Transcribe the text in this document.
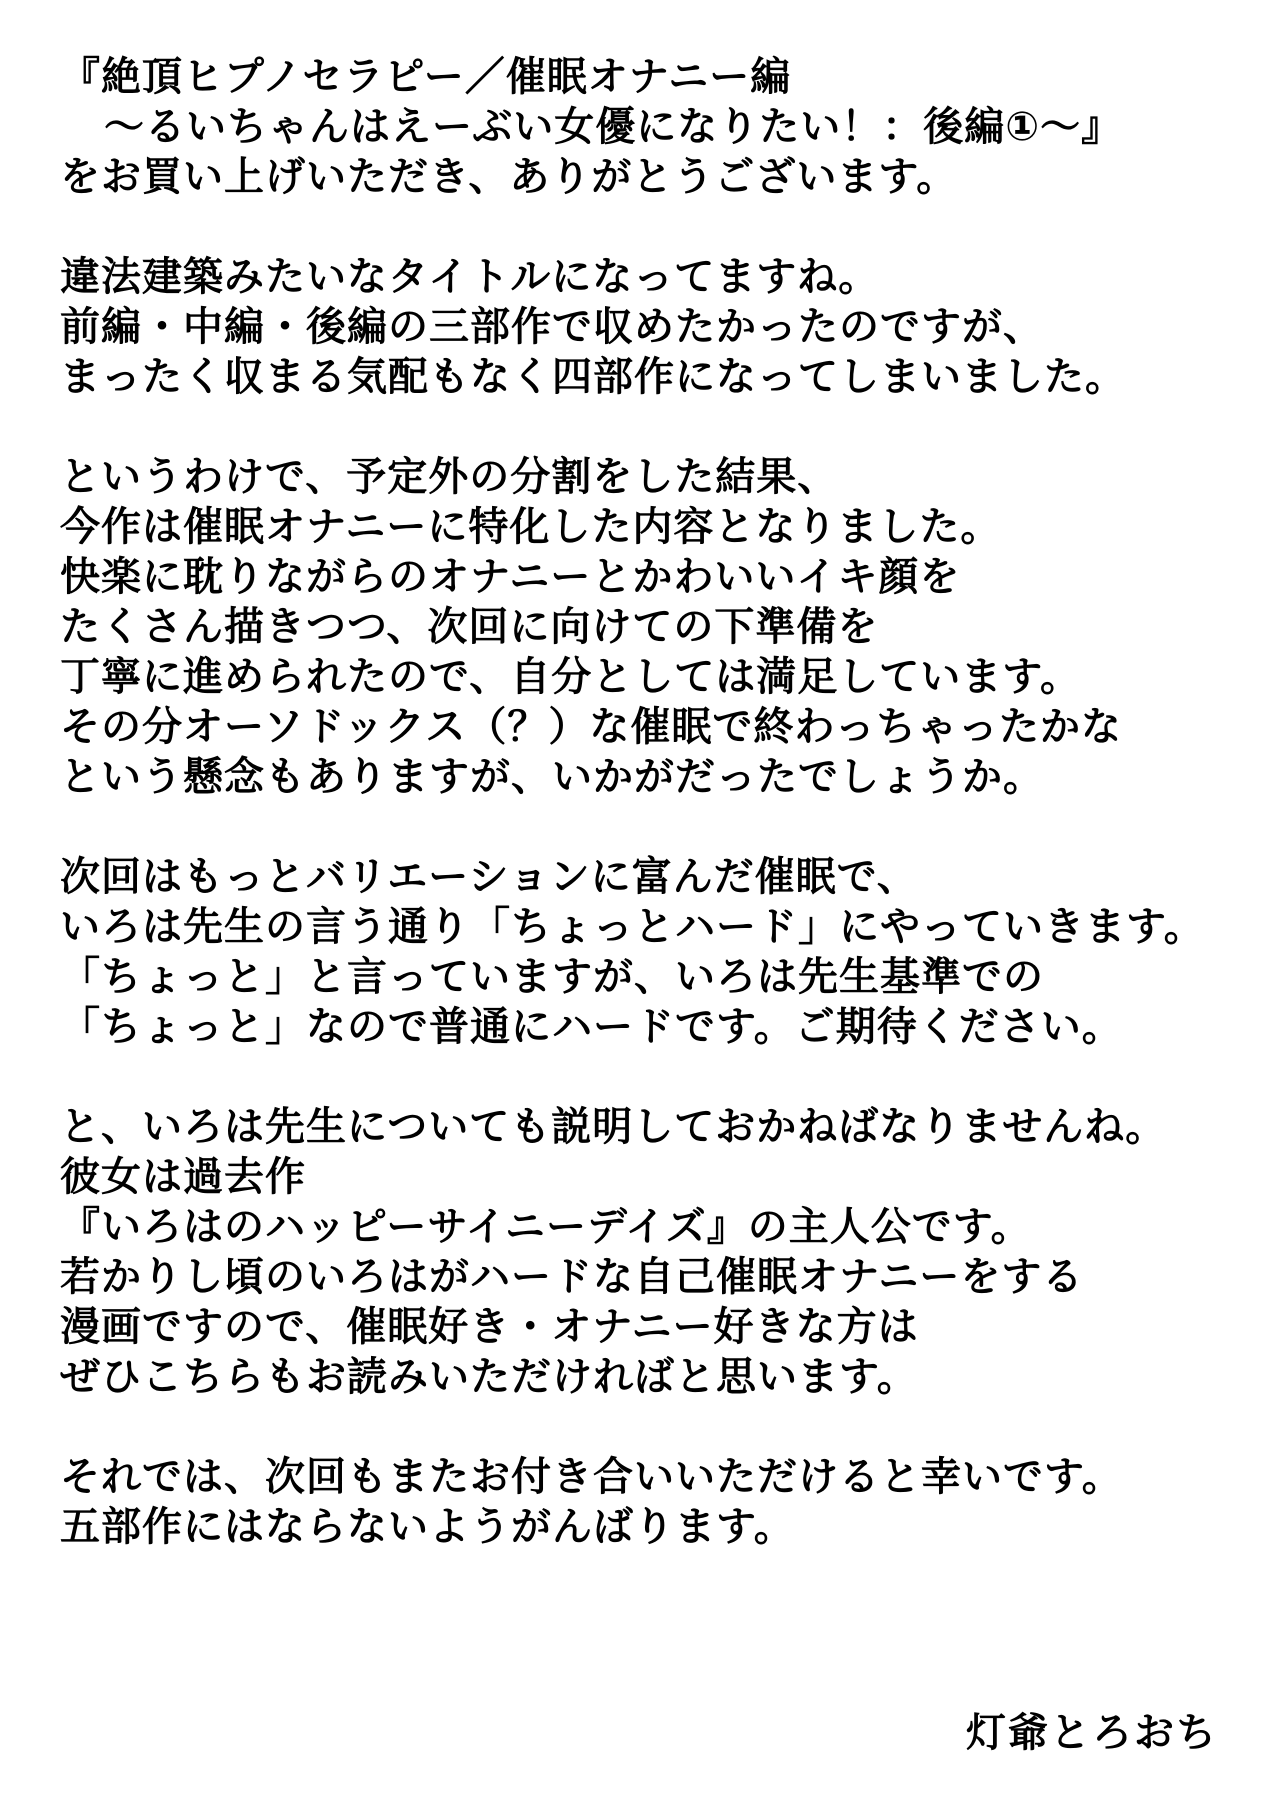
『絶頂ヒプノセラピー／催眠オナニー編
〜るいちゃんはえーぶい女優になりたい！：後編①〜』
をお買い上げいただき、ありがとうございます。
違法建築みたいなタイトルになってますね。
前編・中編・後編の三部作で収めたかったのですが、
まったく収まる気配もなく四部作になってしまいました。
というわけで、予定外の分割をした結果、
今作は催眠オナニーに特化した内容となりました。
快楽に耽りながらのオナニーとかわいいイキ顔を
たくさん描きつつ、次回に向けての下準備を
丁寧に進められたので、自分としては満足しています。
その分オーソドックス（？）な催眠で終わっちゃったかな
という懸念もありますが、いかがだったでしょうか。
次回はもっとバリエーションに富んだ催眠で、
いろは先生の言う通り「ちょっとハード」にやっていきます。
「ちょっと」と言っていますが、いろは先生基準での
「ちょっと」なので普通にハードです。ご期待ください。
と、いろは先生についても説明しておかねばなりませんね。
彼女は過去作
『いろはのハッピーサイニーデイズ』の主人公です。
若かりし頃のいろはがハードな自己催眠オナニーをする
漫画ですので、催眠好き・オナニー好きな方は
ぜひこちらもお読みいただければと思います。
それでは、次回もまたお付き合いいただけると幸いです。
五部作にはならないようがんばります。
灯爺とろおち
